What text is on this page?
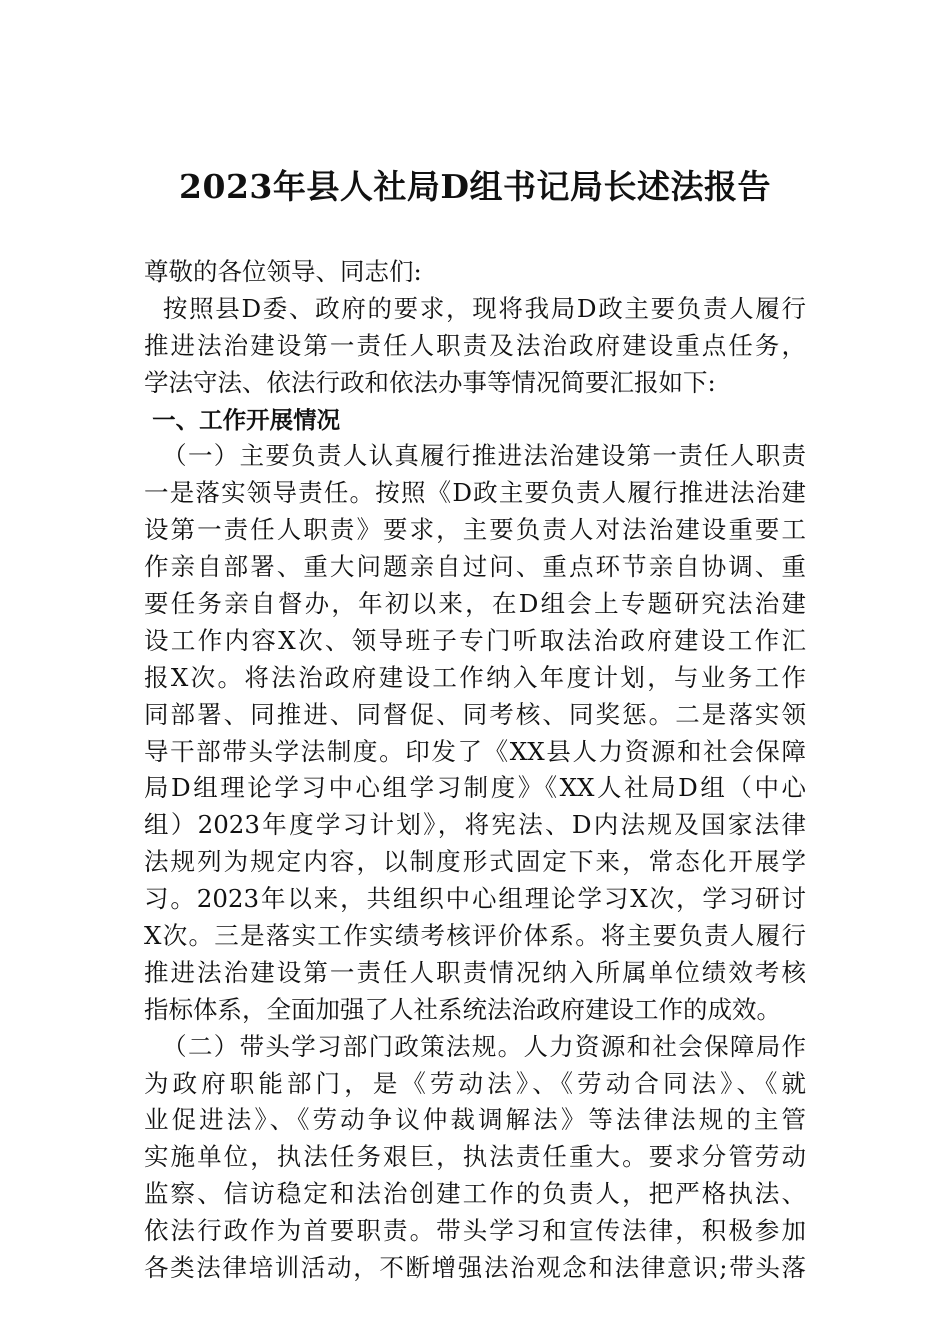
2023年县人社局D组书记局长述法报告
尊敬的各位领导、同志们:
按照县D委、政府的要求，现将我局D政主要负责人履行
推进法治建设第一责任人职责及法治政府建设重点任务，
学法守法、依法行政和依法办事等情况简要汇报如下:
一、工作开展情况
（一）主要负责人认真履行推进法治建设第一责任人职责
一是落实领导责任。按照《D政主要负责人履行推进法治建
设第一责任人职责》要求，主要负责人对法治建设重要工
作亲自部署、重大问题亲自过问、重点环节亲自协调、重
要任务亲自督办，年初以来，在D组会上专题研究法治建
设工作内容X次、领导班子专门听取法治政府建设工作汇
报X次。将法治政府建设工作纳入年度计划，与业务工作
同部署、同推进、同督促、同考核、同奖惩。二是落实领
导干部带头学法制度。印发了《XX县人力资源和社会保障
局D组理论学习中心组学习制度》《XX人社局D组（中心
组）2023年度学习计划》，将宪法、D内法规及国家法律
法规列为规定内容，以制度形式固定下来，常态化开展学
习。2023年以来，共组织中心组理论学习X次，学习研讨
X次。三是落实工作实绩考核评价体系。将主要负责人履行
推进法治建设第一责任人职责情况纳入所属单位绩效考核
指标体系，全面加强了人社系统法治政府建设工作的成效。
（二）带头学习部门政策法规。人力资源和社会保障局作
为政府职能部门，是《劳动法》、《劳动合同法》、《就
业促进法》、《劳动争议仲裁调解法》等法律法规的主管
实施单位，执法任务艰巨，执法责任重大。要求分管劳动
监察、信访稳定和法治创建工作的负责人，把严格执法、
依法行政作为首要职责。带头学习和宣传法律，积极参加
各类法律培训活动，不断增强法治观念和法律意识;带头落
